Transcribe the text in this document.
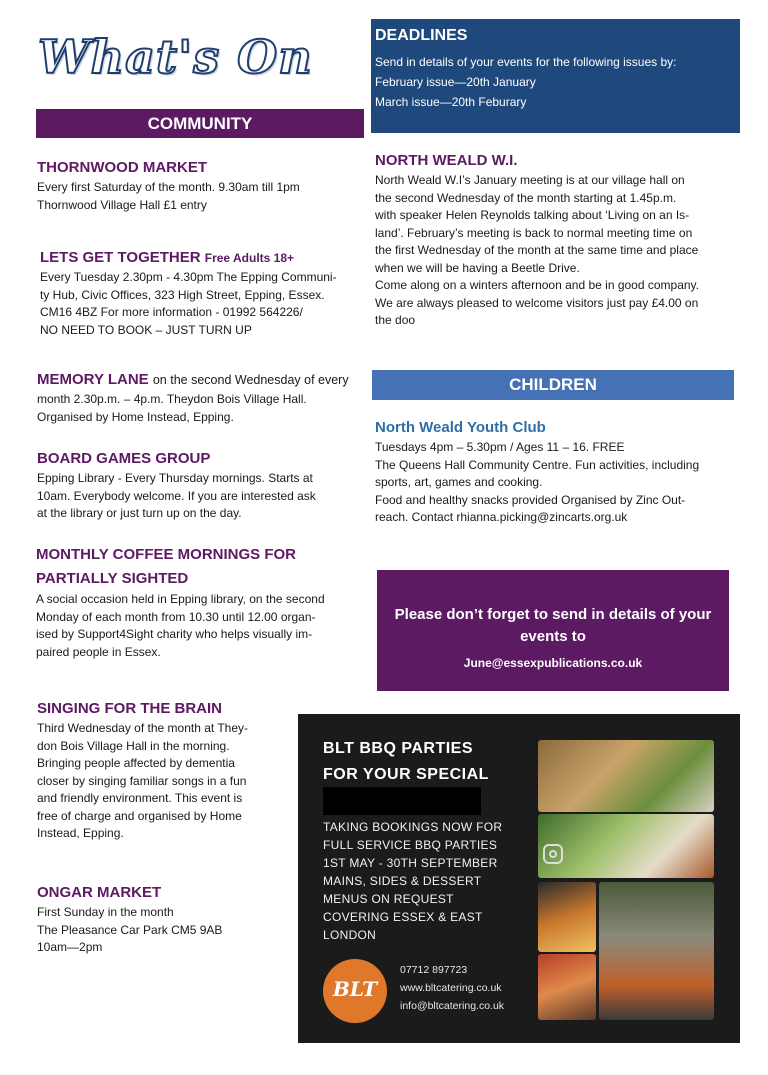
What's On
COMMUNITY
DEADLINES
Send in details of your events for the following issues by:
February issue—20th January
March issue—20th Feburary
THORNWOOD MARKET
Every first Saturday of the month. 9.30am till 1pm
Thornwood Village Hall £1 entry
LETS GET TOGETHER Free Adults 18+
Every Tuesday 2.30pm - 4.30pm The Epping Communi-
ty Hub, Civic Offices, 323 High Street, Epping, Essex.
CM16 4BZ For more information - 01992 564226/
NO NEED TO BOOK – JUST TURN UP
MEMORY LANE on the second Wednesday of every
month 2.30p.m. – 4p.m. Theydon Bois Village Hall.
Organised by Home Instead, Epping.
BOARD GAMES GROUP
Epping Library - Every Thursday mornings. Starts at
10am. Everybody welcome. If you are interested ask
at the library or just turn up on the day.
MONTHLY COFFEE MORNINGS FOR
PARTIALLY SIGHTED
A social occasion held in Epping library, on the second
Monday of each month from 10.30 until 12.00 organ-
ised by Support4Sight charity who helps visually im-
paired people in Essex.
SINGING FOR THE BRAIN
Third Wednesday of the month at They-
don Bois Village Hall in the morning.
Bringing people affected by dementia
closer by singing familiar songs in a fun
and friendly environment. This event is
free of charge and organised by Home
Instead, Epping.
ONGAR MARKET
First Sunday in the month
The Pleasance Car Park CM5 9AB
10am—2pm
NORTH WEALD W.I.
North Weald W.I’s January meeting is at our village hall on
the second Wednesday of the month starting at 1.45p.m.
with speaker Helen Reynolds talking about ‘Living on an Is-
land’. February’s meeting is back to normal meeting time on
the first Wednesday of the month at the same time and place
when we will be having a Beetle Drive.
Come along on a winters afternoon and be in good company.
We are always pleased to welcome visitors just pay £4.00 on
the doo
CHILDREN
North Weald Youth Club
Tuesdays 4pm – 5.30pm / Ages 11 – 16. FREE
The Queens Hall Community Centre. Fun activities, including
sports, art, games and cooking.
Food and healthy snacks provided Organised by Zinc Out-
reach. Contact rhianna.picking@zincarts.org.uk
Please don’t forget to send in details of your
events to
June@essexpublications.co.uk
BLT BBQ PARTIES
FOR YOUR SPECIAL
TAKING BOOKINGS NOW FOR
FULL SERVICE BBQ PARTIES
1ST MAY - 30TH SEPTEMBER
MAINS, SIDES & DESSERT
MENUS ON REQUEST
COVERING ESSEX & EAST
LONDON
BLT
07712 897723
www.bltcatering.co.uk
info@bltcatering.co.uk
